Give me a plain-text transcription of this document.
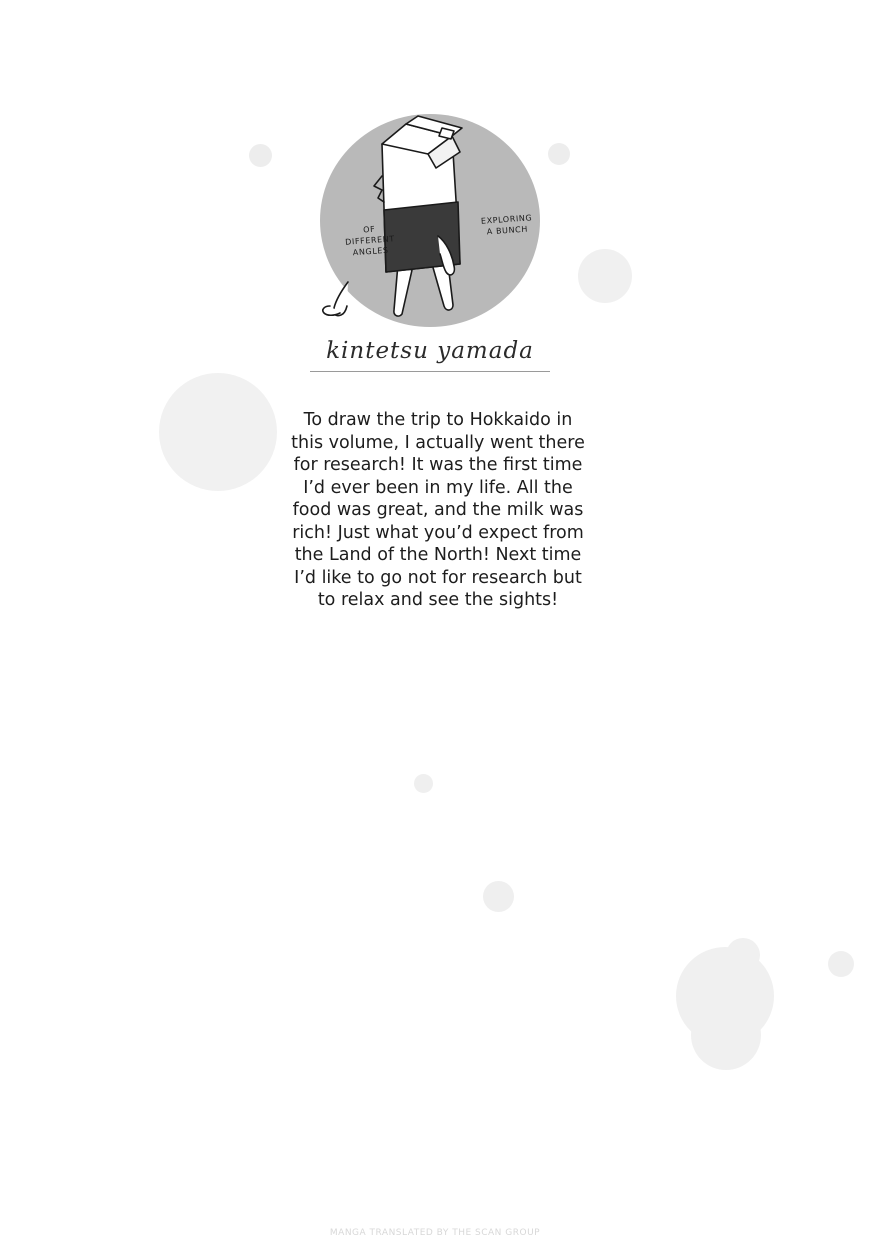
OF
DIFFERENT
ANGLES
EXPLORING
A BUNCH
kintetsu yamada
To draw the trip to Hokkaido in this volume, I actually went there for research! It was the first time I’d ever been in my life. All the food was great, and the milk was rich! Just what you’d expect from the Land of the North! Next time I’d like to go not for research but to relax and see the sights!
MANGA TRANSLATED BY THE SCAN GROUP
